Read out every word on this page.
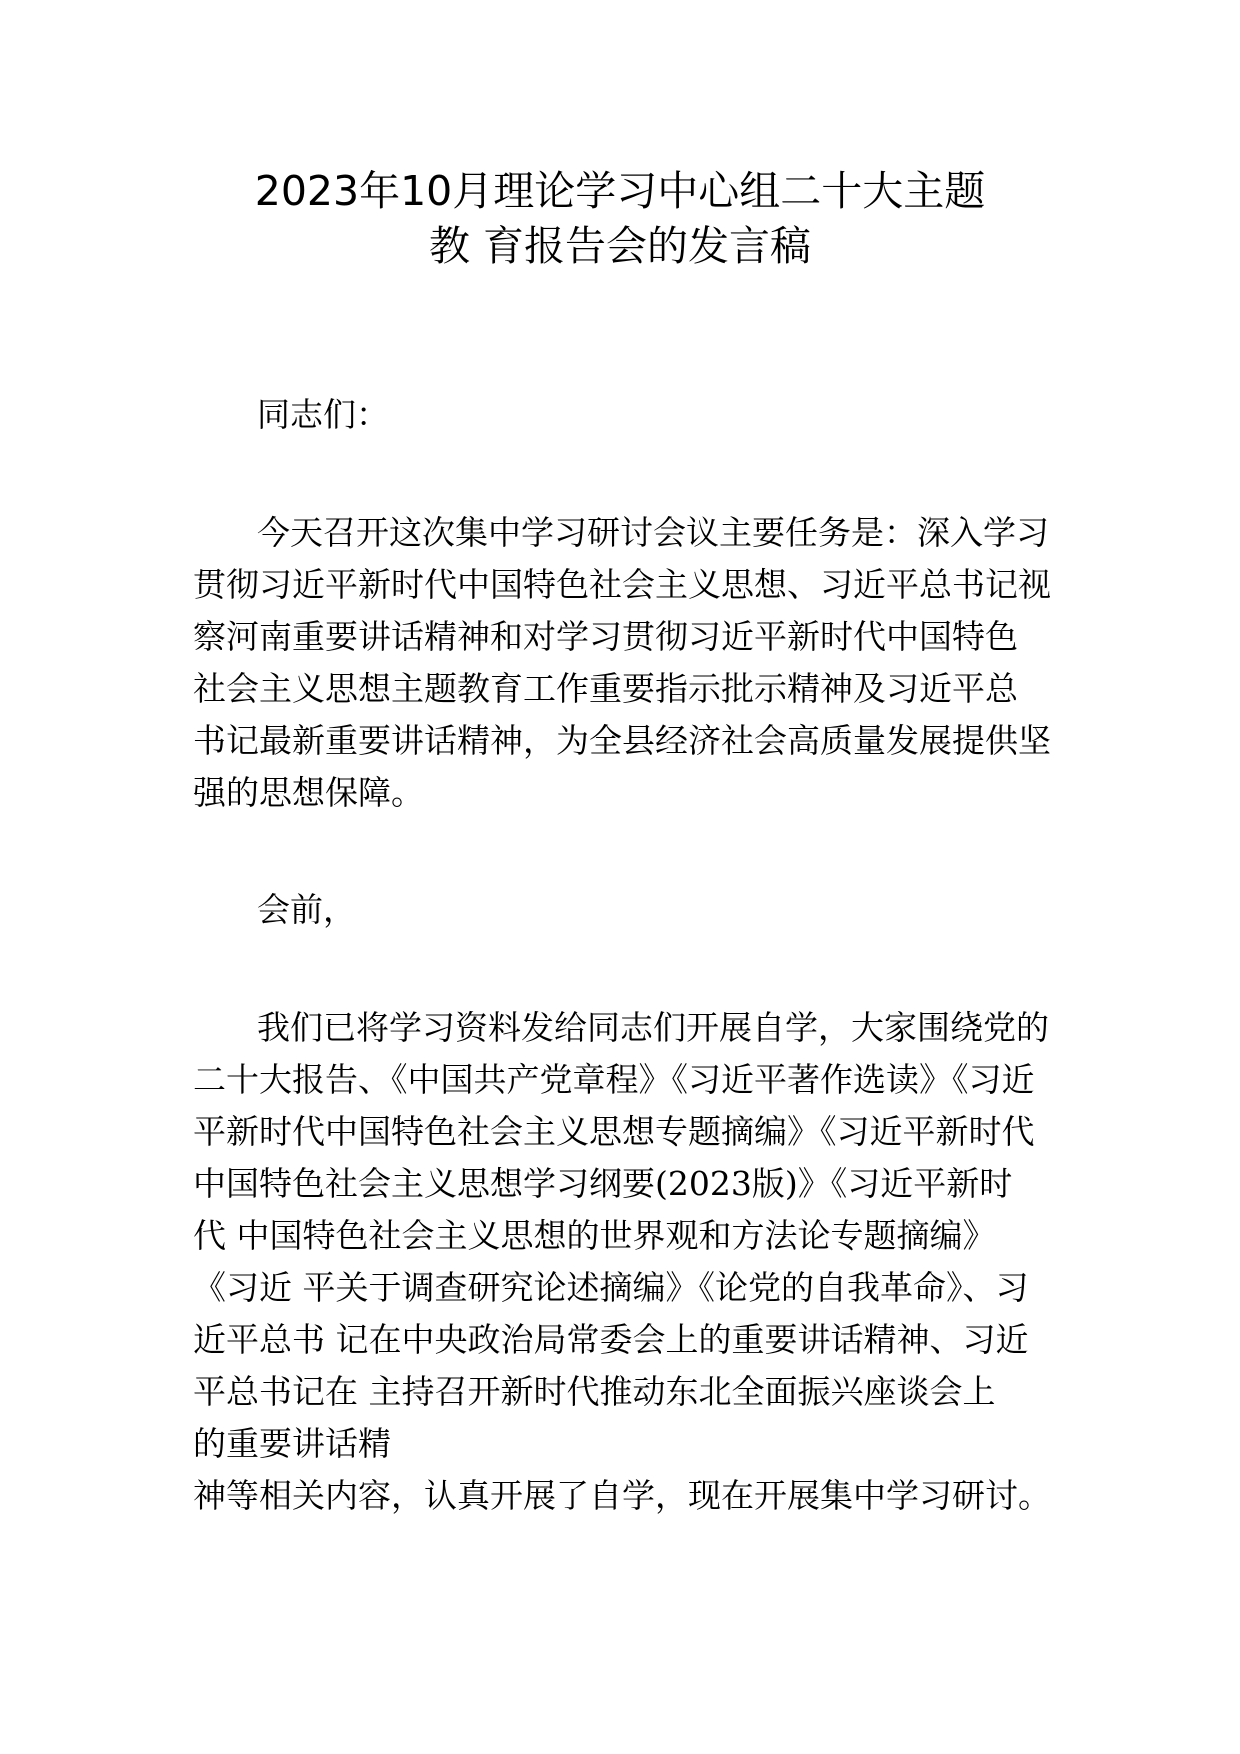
2023年10月理论学习中心组二十大主题
教 育报告会的发言稿

同志们：

今天召开这次集中学习研讨会议主要任务是：深入学习

贯彻习近平新时代中国特色社会主义思想、习近平总书记视

察河南重要讲话精神和对学习贯彻习近平新时代中国特色

社会主义思想主题教育工作重要指示批示精神及习近平总

书记最新重要讲话精神，为全县经济社会高质量发展提供坚

强的思想保障。

会前，

我们已将学习资料发给同志们开展自学，大家围绕党的

二十大报告、《中国共产党章程》《习近平著作选读》《习近

平新时代中国特色社会主义思想专题摘编》《习近平新时代

中国特色社会主义思想学习纲要(2023版)》《习近平新时

代 中国特色社会主义思想的世界观和方法论专题摘编》

《习近 平关于调查研究论述摘编》《论党的自我革命》、习

近平总书 记在中央政治局常委会上的重要讲话精神、习近

平总书记在 主持召开新时代推动东北全面振兴座谈会上

的重要讲话精

神等相关内容，认真开展了自学，现在开展集中学习研讨。
